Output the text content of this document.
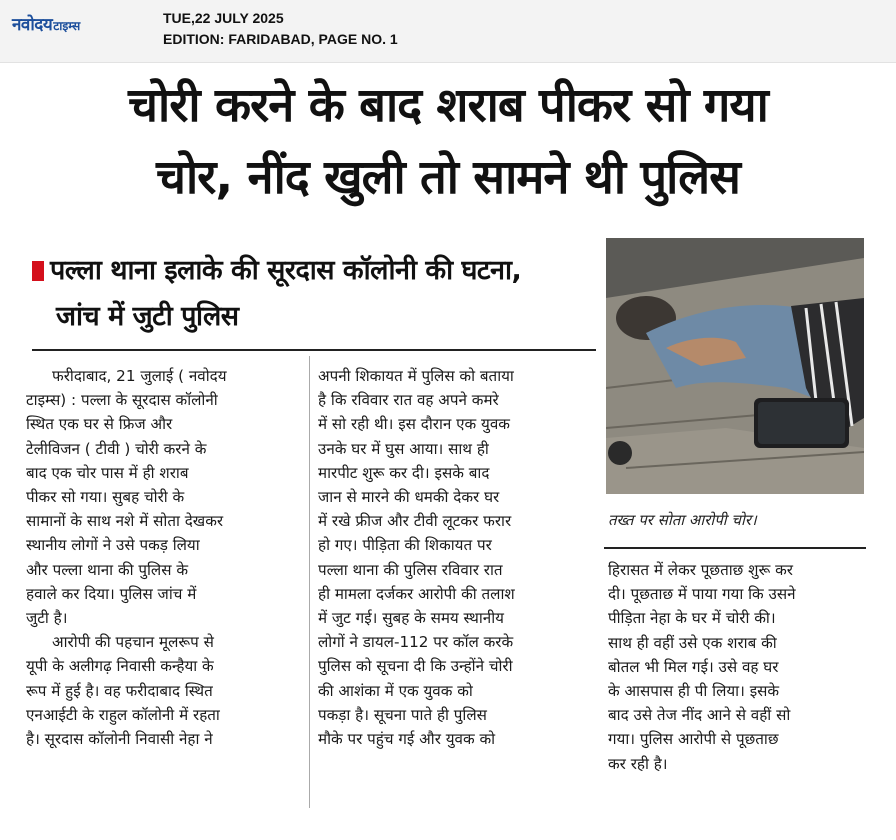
नवोदयटाइम्स	TUE,22 JULY 2025
EDITION: FARIDABAD, PAGE NO. 1
चोरी करने के बाद शराब पीकर सो गया
चोर, नींद खुली तो सामने थी पुलिस
पल्ला थाना इलाके की सूरदास कॉलोनी की घटना,
जांच में जुटी पुलिस
फरीदाबाद, 21 जुलाई ( नवोदय
टाइम्स) : पल्ला के सूरदास कॉलोनी
स्थित एक घर से फ्रिज और
टेलीविजन ( टीवी ) चोरी करने के
बाद एक चोर पास में ही शराब
पीकर सो गया। सुबह चोरी के
सामानों के साथ नशे में सोता देखकर
स्थानीय लोगों ने उसे पकड़ लिया
और पल्ला थाना की पुलिस के
हवाले कर दिया। पुलिस जांच में
जुटी है।
आरोपी की पहचान मूलरूप से
यूपी के अलीगढ़ निवासी कन्हैया के
रूप में हुई है। वह फरीदाबाद स्थित
एनआईटी के राहुल कॉलोनी में रहता
है। सूरदास कॉलोनी निवासी नेहा ने
अपनी शिकायत में पुलिस को बताया
है कि रविवार रात वह अपने कमरे
में सो रही थी। इस दौरान एक युवक
उनके घर में घुस आया। साथ ही
मारपीट शुरू कर दी। इसके बाद
जान से मारने की धमकी देकर घर
में रखे फ्रीज और टीवी लूटकर फरार
हो गए। पीड़िता की शिकायत पर
पल्ला थाना की पुलिस रविवार रात
ही मामला दर्जकर आरोपी की तलाश
में जुट गई। सुबह के समय स्थानीय
लोगों ने डायल-112 पर कॉल करके
पुलिस को सूचना दी कि उन्होंने चोरी
की आशंका में एक युवक को
पकड़ा है। सूचना पाते ही पुलिस
मौके पर पहुंच गई और युवक को
तख्त पर सोता आरोपी चोर।
हिरासत में लेकर पूछताछ शुरू कर
दी। पूछताछ में पाया गया कि उसने
पीड़िता नेहा के घर में चोरी की।
साथ ही वहीं उसे एक शराब की
बोतल भी मिल गई। उसे वह घर
के आसपास ही पी लिया। इसके
बाद उसे तेज नींद आने से वहीं सो
गया। पुलिस आरोपी से पूछताछ
कर रही है।
